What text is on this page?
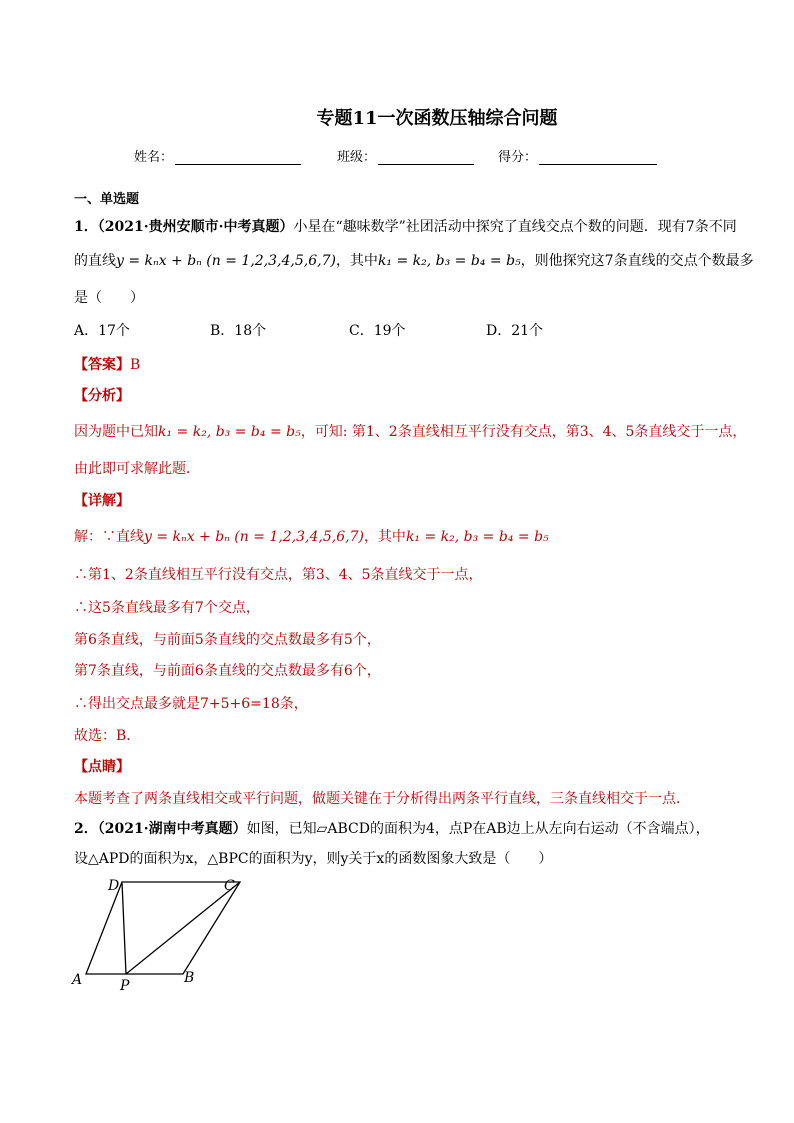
专题11一次函数压轴综合问题
姓名：	班级：	得分：
一、单选题
1．（2021·贵州安顺市·中考真题）小星在“趣味数学”社团活动中探究了直线交点个数的问题．现有7条不同
的直线y = kₙx + bₙ (n = 1,2,3,4,5,6,7)，其中k₁ = k₂, b₃ = b₄ = b₅，则他探究这7条直线的交点个数最多
是（　　）
A．17个	B．18个	C．19个	D．21个
【答案】B
【分析】
因为题中已知k₁ = k₂, b₃ = b₄ = b₅，可知: 第1、2条直线相互平行没有交点，第3、4、5条直线交于一点，
由此即可求解此题．
【详解】
解：∵直线y = kₙx + bₙ (n = 1,2,3,4,5,6,7)，其中k₁ = k₂, b₃ = b₄ = b₅
∴第1、2条直线相互平行没有交点，第3、4、5条直线交于一点，
∴这5条直线最多有7个交点，
第6条直线，与前面5条直线的交点数最多有5个，
第7条直线，与前面6条直线的交点数最多有6个，
∴得出交点最多就是7+5+6=18条，
故选：B．
【点睛】
本题考查了两条直线相交或平行问题，做题关键在于分析得出两条平行直线，三条直线相交于一点．
2．（2021·湖南中考真题）如图，已知▱ABCD的面积为4，点P在AB边上从左向右运动（不含端点），
设△APD的面积为x，△BPC的面积为y，则y关于x的函数图象大致是（　　）
D	C
A	B
P
